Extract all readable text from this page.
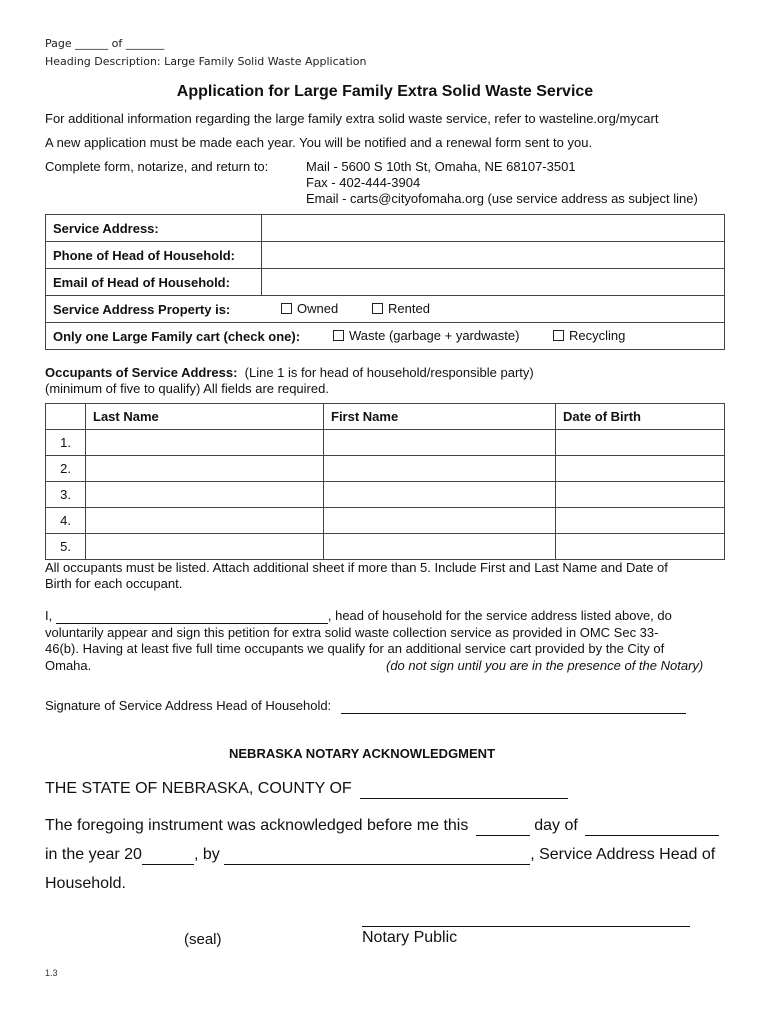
Page ______ of _______
Heading Description: Large Family Solid Waste Application
Application for Large Family Extra Solid Waste Service
For additional information regarding the large family extra solid waste service, refer to wasteline.org/mycart
A new application must be made each year. You will be notified and a renewal form sent to you.
Complete form, notarize, and return to:	Mail - 5600 S 10th St, Omaha, NE 68107-3501
Fax - 402-444-3904
Email - carts@cityofomaha.org (use service address as subject line)
Service Address:	
Phone of Head of Household:	
Email of Head of Household:	
Service Address Property is: Owned Rented	

Only one Large Family cart (check one): Waste (garbage + yardwaste) Recycling	
Occupants of Service Address: (Line 1 is for head of household/responsible party)
(minimum of five to qualify) All fields are required.
	Last Name	First Name	Date of Birth
1.			
2.			
3.			
4.			
5.			
All occupants must be listed. Attach additional sheet if more than 5. Include First and Last Name and Date of
Birth for each occupant.
I,	, head of household for the service address listed above, do
voluntarily appear and sign this petition for extra solid waste collection service as provided in OMC Sec 33-
46(b). Having at least five full time occupants we qualify for an additional service cart provided by the City of
Omaha.	(do not sign until you are in the presence of the Notary)
Signature of Service Address Head of Household:
NEBRASKA NOTARY ACKNOWLEDGMENT
THE STATE OF NEBRASKA, COUNTY OF
The foregoing instrument was acknowledged before me this	day of
in the year 20	, by	, Service Address Head of
Household.
(seal)	Notary Public
1.3
